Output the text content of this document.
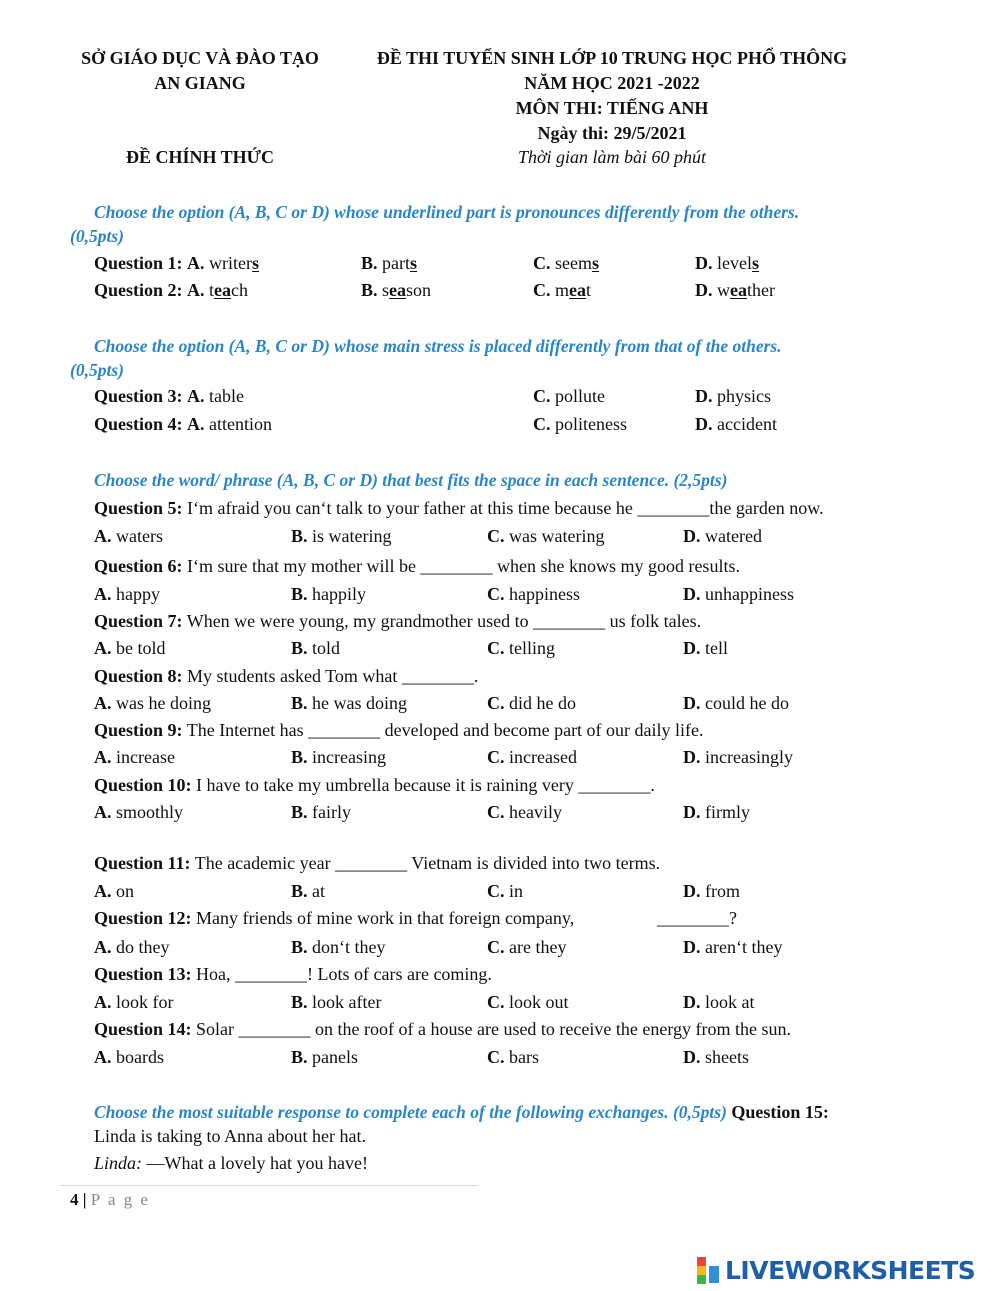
SỞ GIÁO DỤC VÀ ĐÀO TẠO
AN GIANG
ĐỀ CHÍNH THỨC
ĐỀ THI TUYỂN SINH LỚP 10 TRUNG HỌC PHỔ THÔNG
NĂM HỌC 2021 -2022
MÔN THI: TIẾNG ANH
Ngày thi: 29/5/2021
Thời gian làm bài 60 phút
Choose the option (A, B, C or D) whose underlined part is pronounces differently from the others.
(0,5pts)
Question 1: A. writers	B. parts	C. seems	D. levels
Question 2: A. teach	B. season	C. meat	D. weather
Choose the option (A, B, C or D) whose main stress is placed differently from that of the others.
(0,5pts)
Question 3: A. table	C. pollute	D. physics
Question 4: A. attention	C. politeness	D. accident
Choose the word/ phrase (A, B, C or D) that best fits the space in each sentence. (2,5pts)
Question 5: I‘m afraid you can‘t talk to your father at this time because he ________the garden now.
A. waters	B. is watering	C. was watering	D. watered
Question 6: I‘m sure that my mother will be ________ when she knows my good results.
A. happy	B. happily	C. happiness	D. unhappiness
Question 7: When we were young, my grandmother used to ________ us folk tales.
A. be told	B. told	C. telling	D. tell
Question 8: My students asked Tom what ________.
A. was he doing	B. he was doing	C. did he do	D. could he do
Question 9: The Internet has ________ developed and become part of our daily life.
A. increase	B. increasing	C. increased	D. increasingly
Question 10: I have to take my umbrella because it is raining very ________.
A. smoothly	B. fairly	C. heavily	D. firmly
Question 11: The academic year ________ Vietnam is divided into two terms.
A. on	B. at	C. in	D. from
Question 12: Many friends of mine work in that foreign company,	________?
A. do they	B. don‘t they	C. are they	D. aren‘t they
Question 13: Hoa, ________! Lots of cars are coming.
A. look for	B. look after	C. look out	D. look at
Question 14: Solar ________ on the roof of a house are used to receive the energy from the sun.
A. boards	B. panels	C. bars	D. sheets
Choose the most suitable response to complete each of the following exchanges. (0,5pts) Question 15:
Linda is taking to Anna about her hat.
Linda: ―What a lovely hat you have!
4 | P a g e
LIVEWORKSHEETS
